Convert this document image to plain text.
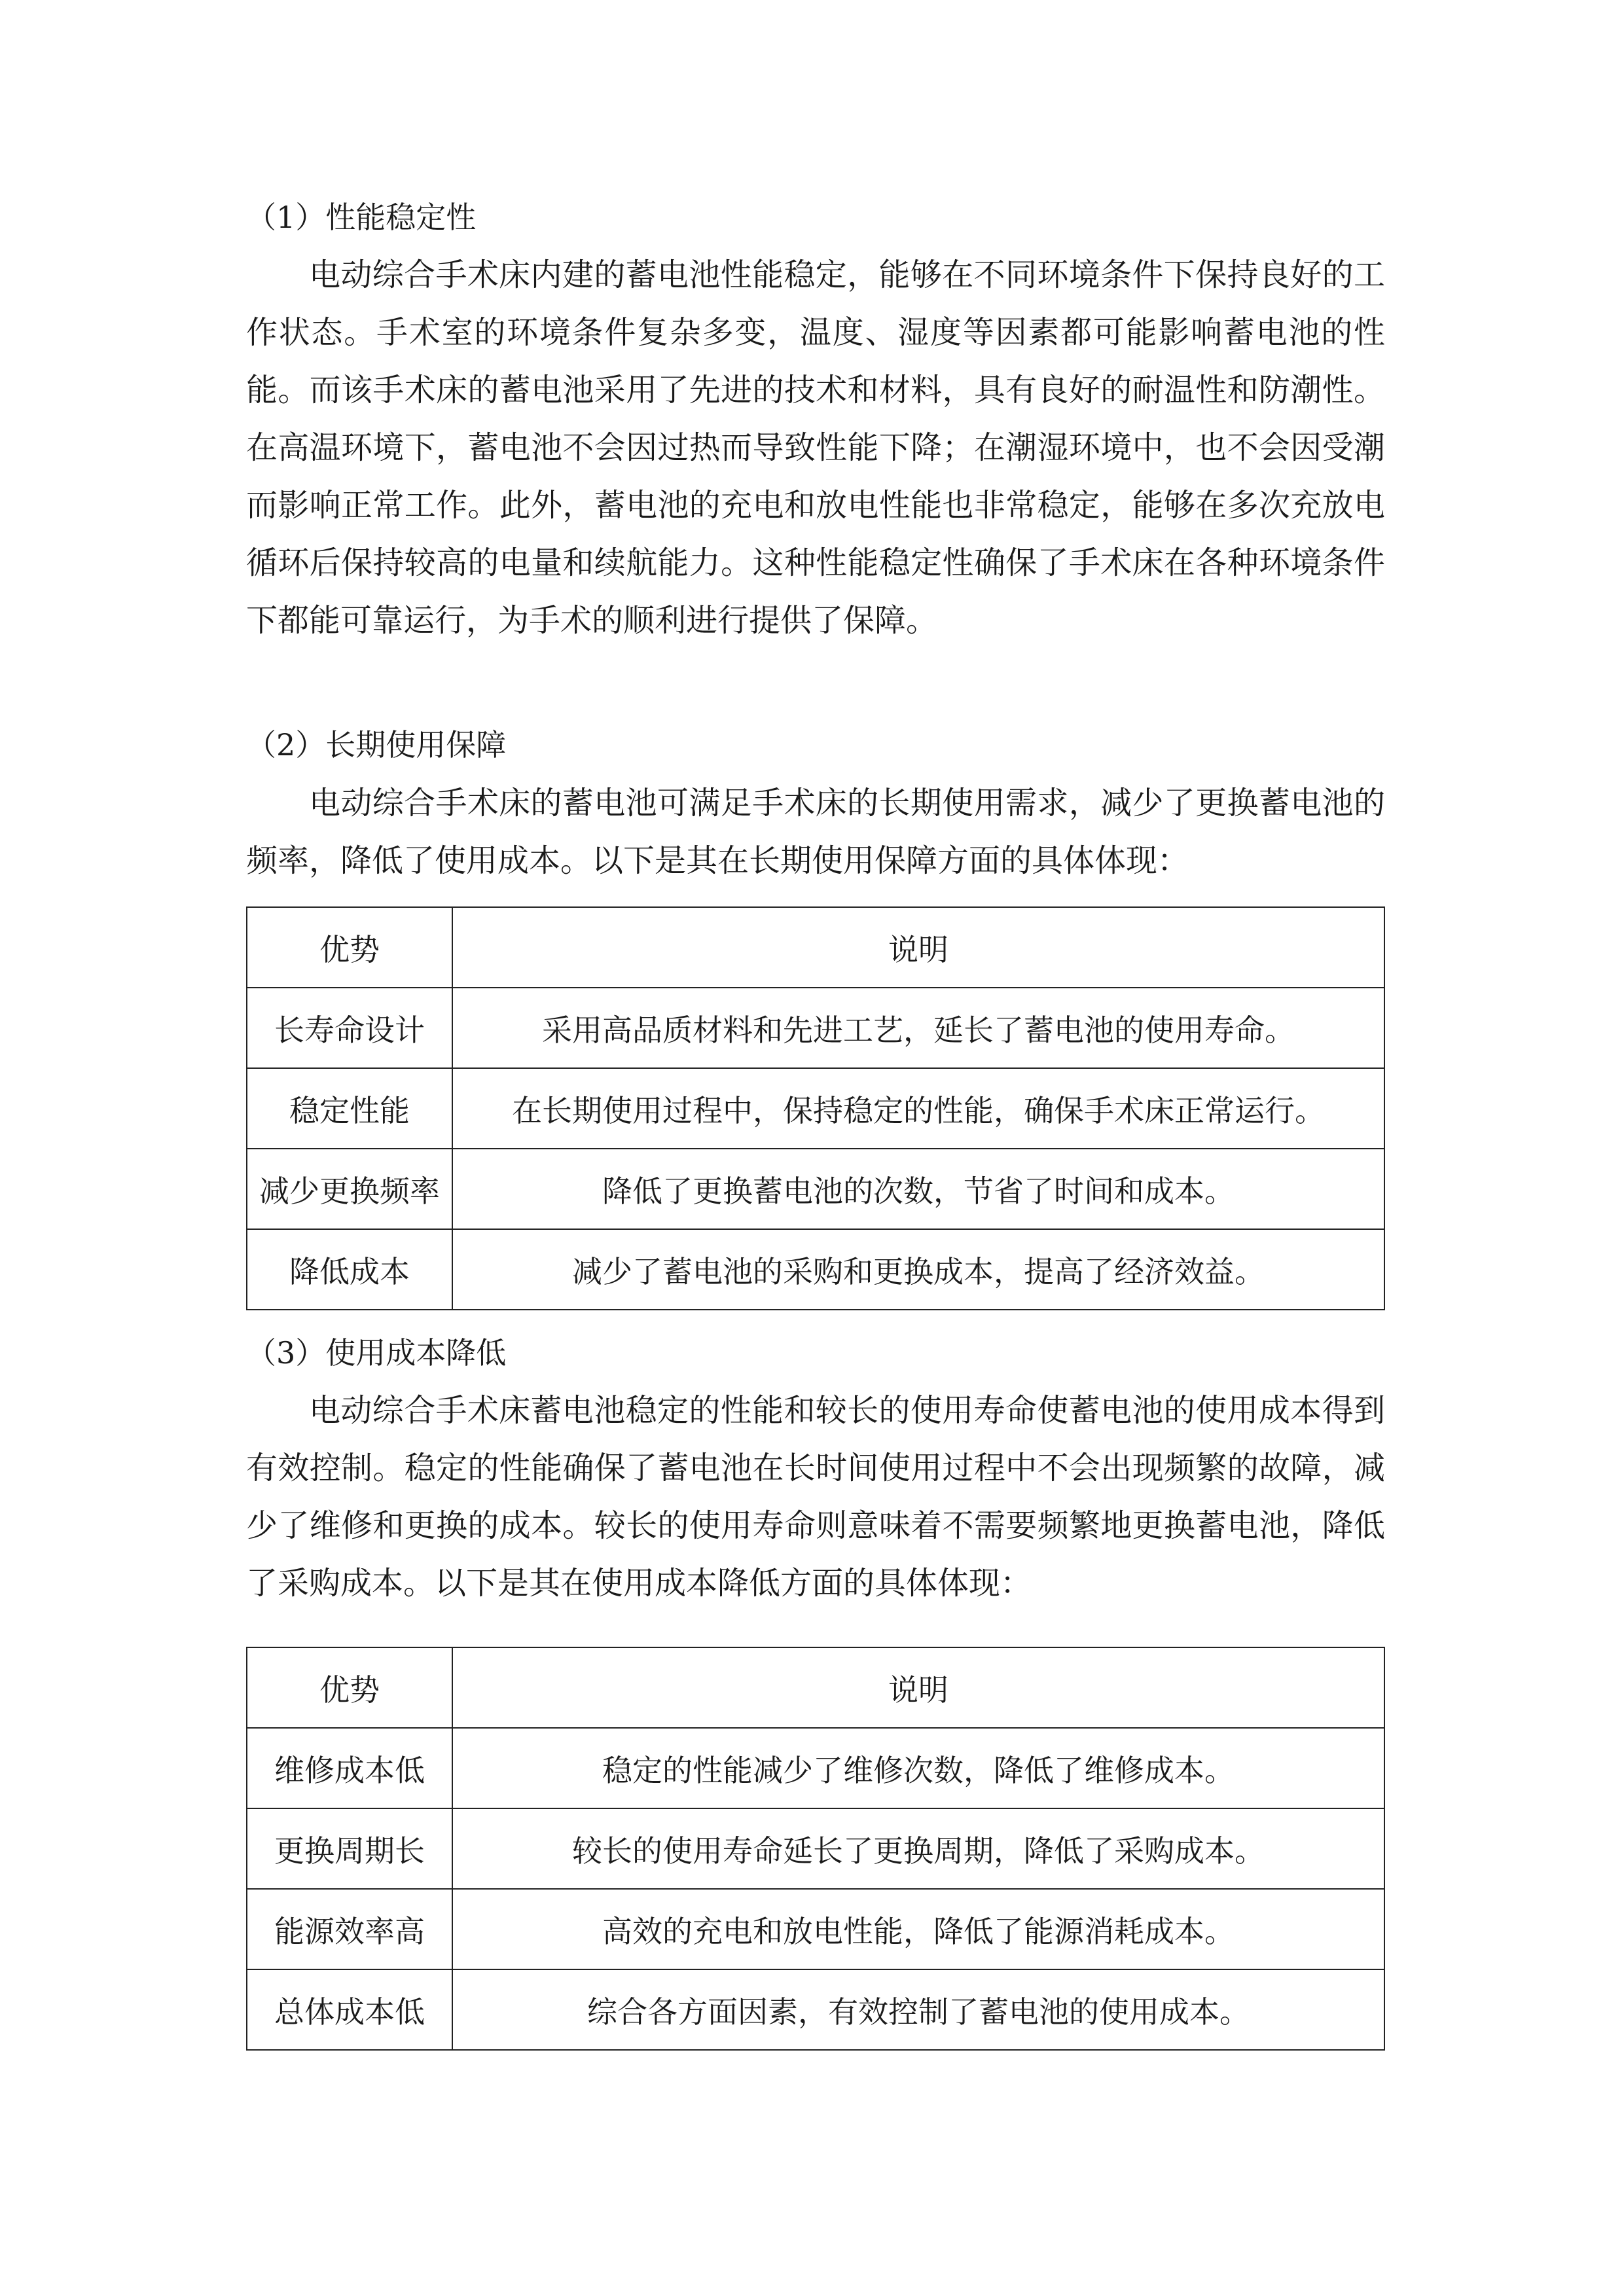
（1）性能稳定性
电动综合手术床内建的蓄电池性能稳定，能够在不同环境条件下保持良好的工作状态。手术室的环境条件复杂多变，温度、湿度等因素都可能影响蓄电池的性能。而该手术床的蓄电池采用了先进的技术和材料，具有良好的耐温性和防潮性。在高温环境下，蓄电池不会因过热而导致性能下降；在潮湿环境中，也不会因受潮而影响正常工作。此外，蓄电池的充电和放电性能也非常稳定，能够在多次充放电循环后保持较高的电量和续航能力。这种性能稳定性确保了手术床在各种环境条件下都能可靠运行，为手术的顺利进行提供了保障。
（2）长期使用保障
电动综合手术床的蓄电池可满足手术床的长期使用需求，减少了更换蓄电池的频率，降低了使用成本。以下是其在长期使用保障方面的具体体现：
优势	说明
长寿命设计	采用高品质材料和先进工艺，延长了蓄电池的使用寿命。
稳定性能	在长期使用过程中，保持稳定的性能，确保手术床正常运行。
减少更换频率	降低了更换蓄电池的次数，节省了时间和成本。
降低成本	减少了蓄电池的采购和更换成本，提高了经济效益。
（3）使用成本降低
电动综合手术床蓄电池稳定的性能和较长的使用寿命使蓄电池的使用成本得到有效控制。稳定的性能确保了蓄电池在长时间使用过程中不会出现频繁的故障，减少了维修和更换的成本。较长的使用寿命则意味着不需要频繁地更换蓄电池，降低了采购成本。以下是其在使用成本降低方面的具体体现：
优势	说明
维修成本低	稳定的性能减少了维修次数，降低了维修成本。
更换周期长	较长的使用寿命延长了更换周期，降低了采购成本。
能源效率高	高效的充电和放电性能，降低了能源消耗成本。
总体成本低	综合各方面因素，有效控制了蓄电池的使用成本。
